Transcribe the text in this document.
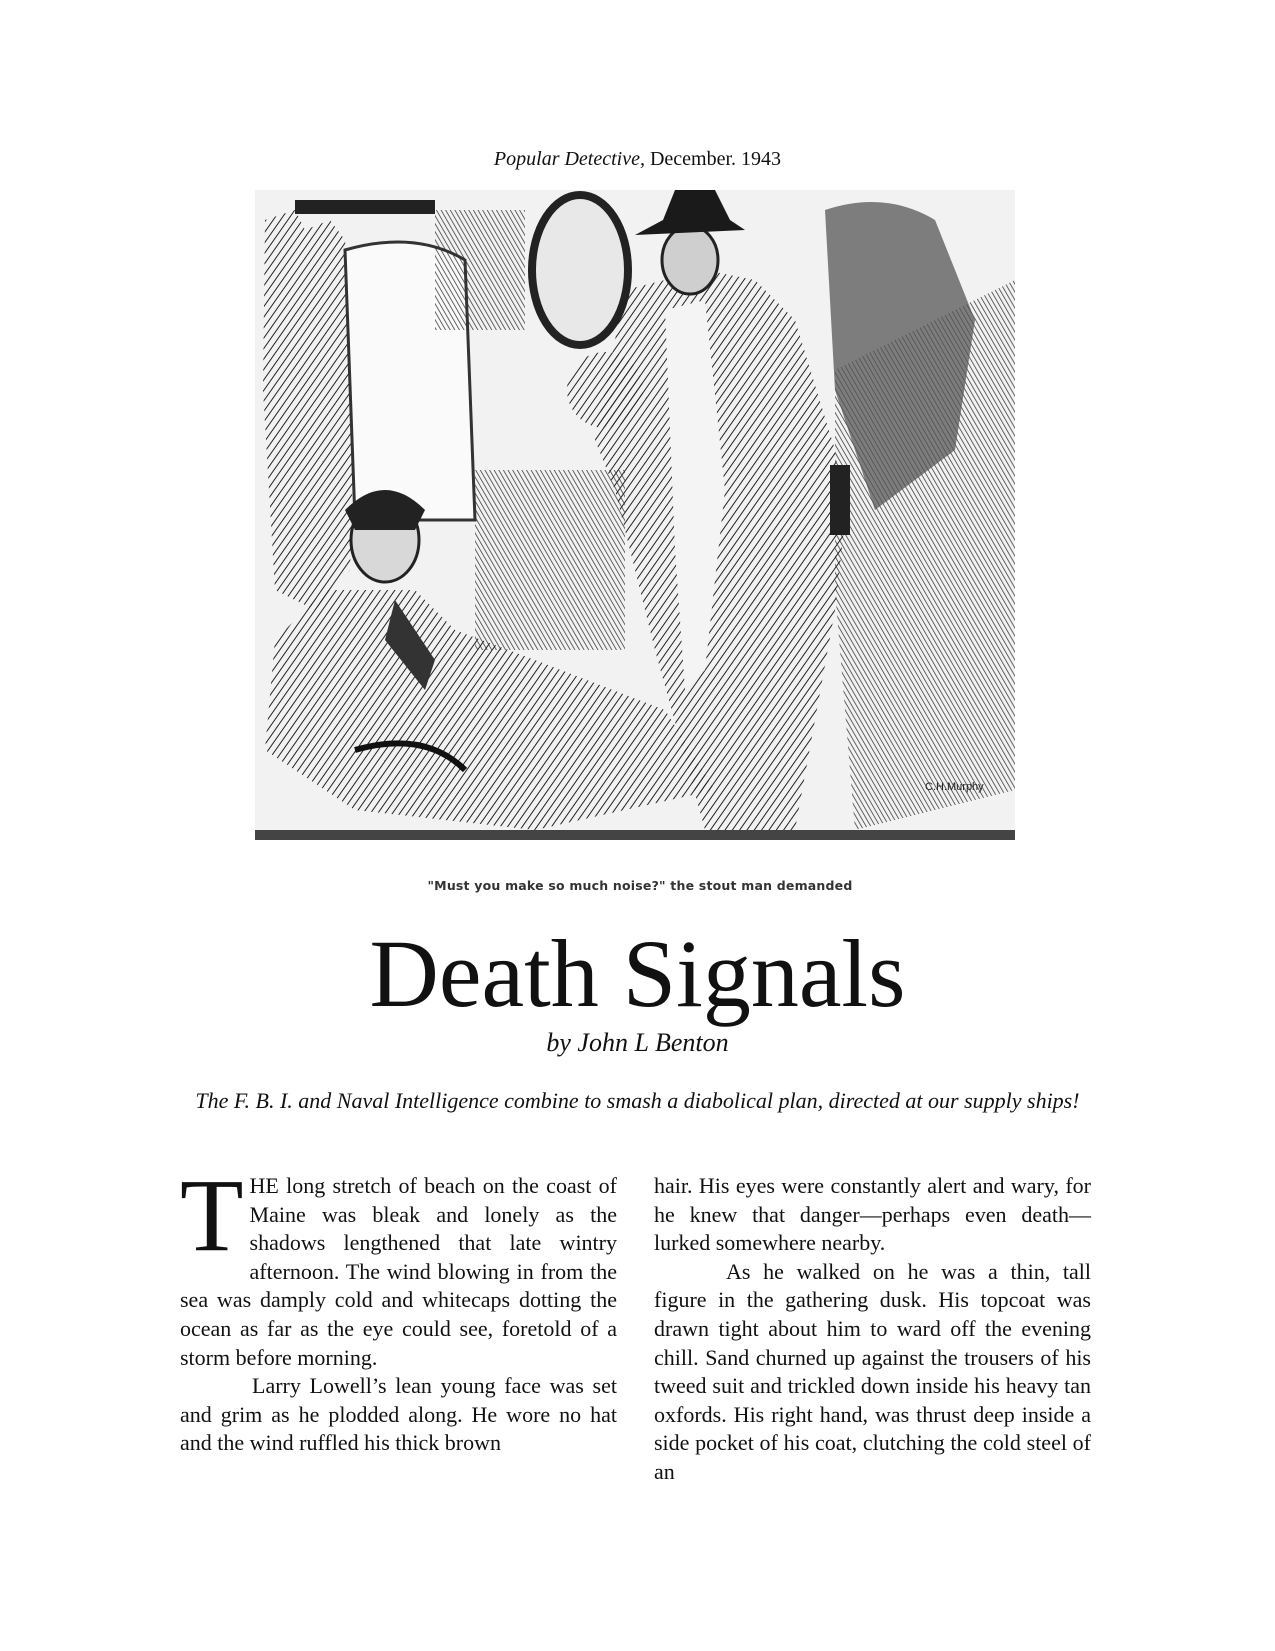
Popular Detective, December. 1943
C.H.Murphy
"Must you make so much noise?" the stout man demanded
Death Signals
by John L Benton
The F. B. I. and Naval Intelligence combine to smash a diabolical plan, directed at our supply ships!

THE long stretch of beach on the coast of Maine was bleak and lonely as the shadows lengthened that late wintry afternoon. The wind blowing in from the sea was damply cold and whitecaps dotting the ocean as far as the eye could see, foretold of a storm before morning.

Larry Lowell’s lean young face was set and grim as he plodded along. He wore no hat and the wind ruffled his thick brown

hair. His eyes were constantly alert and wary, for he knew that danger—perhaps even death—lurked somewhere nearby.

As he walked on he was a thin, tall figure in the gathering dusk. His topcoat was drawn tight about him to ward off the evening chill. Sand churned up against the trousers of his tweed suit and trickled down inside his heavy tan oxfords. His right hand, was thrust deep inside a side pocket of his coat, clutching the cold steel of an
